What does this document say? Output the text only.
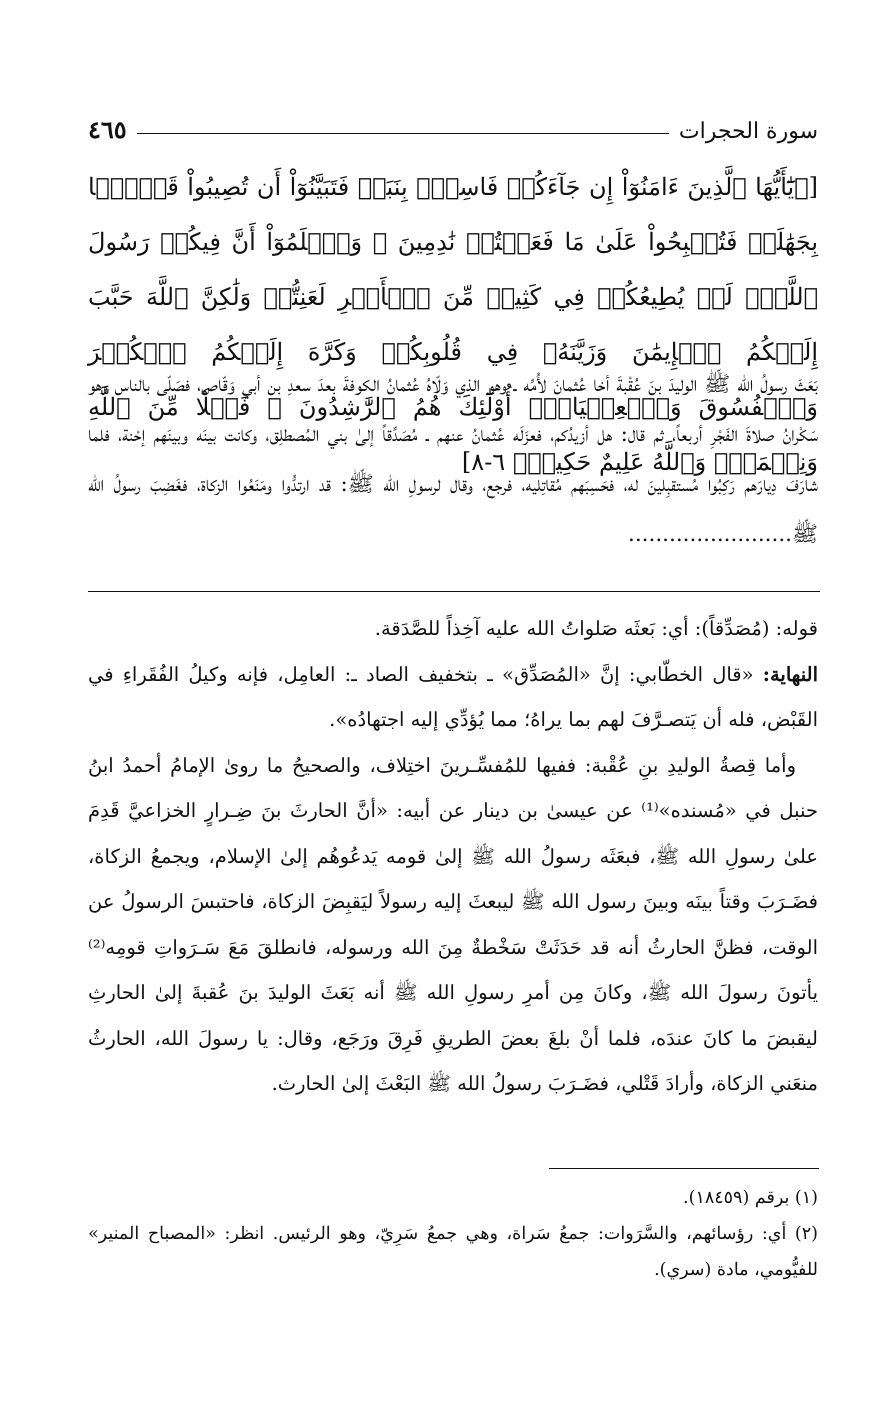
سورة الحجرات
٤٦٥
[﴿يَٰٓأَيُّهَا ٱلَّذِينَ ءَامَنُوٓاْ إِن جَآءَكُمۡ فَاسِقُۢ بِنَبَإٖ فَتَبَيَّنُوٓاْ أَن تُصِيبُواْ قَوۡمَۢا بِجَهَٰلَةٖ فَتُصۡبِحُواْ عَلَىٰ مَا فَعَلۡتُمۡ نَٰدِمِينَ ۞ وَٱعۡلَمُوٓاْ أَنَّ فِيكُمۡ رَسُولَ ٱللَّهِۚ لَوۡ يُطِيعُكُمۡ فِي كَثِيرٖ مِّنَ ٱلۡأَمۡرِ لَعَنِتُّمۡ وَلَٰكِنَّ ٱللَّهَ حَبَّبَ إِلَيۡكُمُ ٱلۡإِيمَٰنَ وَزَيَّنَهُۥ فِي قُلُوبِكُمۡ وَكَرَّهَ إِلَيۡكُمُ ٱلۡكُفۡرَ وَٱلۡفُسُوقَ وَٱلۡعِصۡيَانَۚ أُوْلَٰٓئِكَ هُمُ ٱلرَّٰشِدُونَ ۞ فَضۡلٗا مِّنَ ٱللَّهِ وَنِعۡمَةٗۚ وَٱللَّهُ عَلِيمٌ حَكِيمٞ﴾ ٦-٨]

بَعَثَ رسولُ الله ﷺ الوليدَ بنَ عُقْبةَ أخا عُثمانَ لأُمِّه ـ وهو الذي وَلّاهُ عُثمانُ الكوفةَ بعدَ سعدِ بن أبي وَقّاص، فصَلّى بالناس وهو سَكْرانُ صلاةَ الفَجْرِ أربعاً، ثم قال: هل أزيدُكم، فعزَلَه عُثمانُ عنهم ـ مُصَدِّقاً إلىٰ بني المُصطلِق، وكانت بينَه وبينَهم إحْنة، فلما شارَفَ دِيارَهم رَكِبُوا مُستقبِلينَ له، فحَسِبَهم مُقاتِليه، فرجع، وقال لرسولِ الله ﷺ: قد ارتدُّوا ومَنَعُوا الزكاة، فغَضِبَ رسولُ الله ﷺ........................

قوله: (مُصَدِّقاً): أي: بَعثَه صَلواتُ الله عليه آخِذاً للصَّدَقة.

النهاية: «قال الخطّابي: إنَّ «المُصَدِّق» ـ بتخفيف الصاد ـ: العامِل، فإنه وكيلُ الفُقَراءِ في القَبْض، فله أن يَتصـرَّفَ لهم بما يراهُ؛ مما يُؤدِّي إليه اجتهادُه».

وأما قِصةُ الوليدِ بنِ عُقْبة: ففيها للمُفسِّـرينَ اختِلاف، والصحيحُ ما روىٰ الإمامُ أحمدُ ابنُ حنبل في «مُسنده»⁽¹⁾ عن عيسىٰ بن دينار عن أبيه: «أنَّ الحارثَ بنَ ضِـرارٍ الخزاعيَّ قَدِمَ علىٰ رسولِ الله ﷺ، فبعَثَه رسولُ الله ﷺ إلىٰ قومه يَدعُوهُم إلىٰ الإسلام، ويجمعُ الزكاة، فضَـرَبَ وقتاً بينَه وبينَ رسول الله ﷺ ليبعثَ إليه رسولاً ليَقبِضَ الزكاة، فاحتبسَ الرسولُ عن الوقت، فظنَّ الحارثُ أنه قد حَدَثَتْ سَخْطةٌ مِنَ الله ورسوله، فانطلقَ مَعَ سَـرَواتِ قومِه⁽²⁾ يأتونَ رسولَ الله ﷺ، وكانَ مِن أمرِ رسولِ الله ﷺ أنه بَعَثَ الوليدَ بنَ عُقبةَ إلىٰ الحارثِ ليقبضَ ما كانَ عندَه، فلما أنْ بلغَ بعضَ الطريقِ فَرِقَ ورَجَع، وقال: يا رسولَ الله، الحارثُ منعَني الزكاة، وأرادَ قَتْلي، فضَـرَبَ رسولُ الله ﷺ البَعْثَ إلىٰ الحارث.

(١) برقم (١٨٤٥٩).

(٢) أي: رؤسائهم، والسَّرَوات: جمعُ سَراة، وهي جمعُ سَرِيّ، وهو الرئيس. انظر: «المصباح المنير» للفيُّومي، مادة (سري).
